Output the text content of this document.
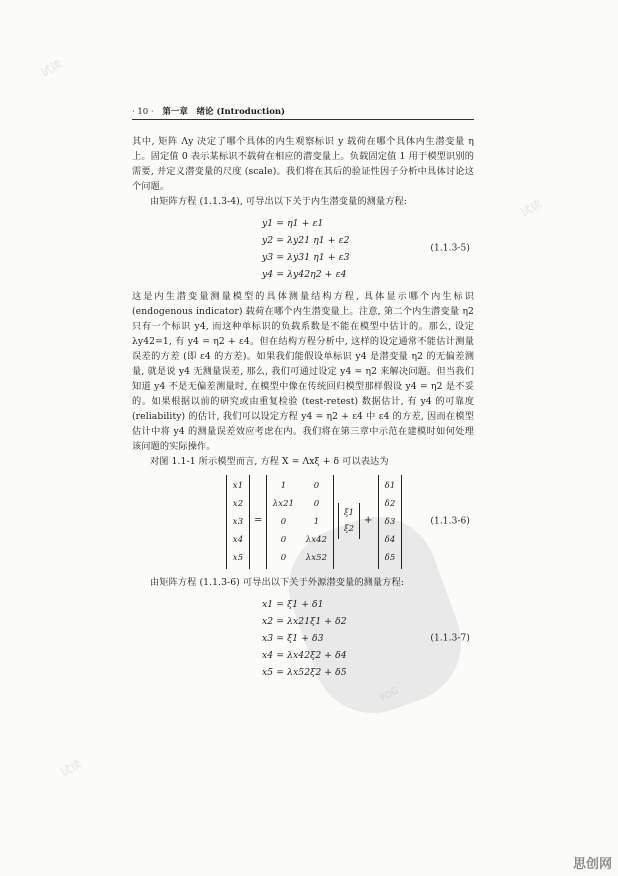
· 10 · 第一章 绪论 (Introduction)

其中, 矩阵 Λy 决定了哪个具体的内生观察标识 y 载荷在哪个具体内生潜变量 η 上。固定值 0 表示某标识不载荷在相应的潜变量上。负载固定值 1 用于模型识别的需要, 并定义潜变量的尺度 (scale)。我们将在其后的验证性因子分析中具体讨论这个问题。

由矩阵方程 (1.1.3-4), 可导出以下关于内生潜变量的测量方程:

y1 = η1 + ε1
y2 = λy21 η1 + ε2
y3 = λy31 η1 + ε3
y4 = λy42η2 + ε4
(1.1.3-5)

这是内生潜变量测量模型的具体测量结构方程, 具体显示哪个内生标识 (endogenous indicator) 载荷在哪个内生潜变量上。注意, 第二个内生潜变量 η2 只有一个标识 y4, 而这种单标识的负载系数是不能在模型中估计的。那么, 设定 λy42=1, 有 y4 = η2 + ε4。但在结构方程分析中, 这样的设定通常不能估计测量误差的方差 (即 ε4 的方差)。如果我们能假设单标识 y4 是潜变量 η2 的无偏差测量, 就是说 y4 无测量误差, 那么, 我们可通过设定 y4 = η2 来解决问题。但当我们知道 y4 不是无偏差测量时, 在模型中像在传统回归模型那样假设 y4 = η2 是不妥的。如果根据以前的研究或由重复检验 (test-retest) 数据估计, 有 y4 的可靠度 (reliability) 的估计, 我们可以设定方程 y4 = η2 + ε4 中 ε4 的方差, 因而在模型估计中将 y4 的测量误差效应考虑在内。我们将在第三章中示范在建模时如何处理该问题的实际操作。

对图 1.1-1 所示模型而言, 方程 X = Λxξ + δ 可以表达为

x1
x2
x3
x4
x5
=
1
λx21
0
0
0
0
0
1
λx42
λx52
ξ1
ξ2
+
δ1
δ2
δ3
δ4
δ5
(1.1.3-6)

由矩阵方程 (1.1.3-6) 可导出以下关于外源潜变量的测量方程:

x1 = ξ1 + δ1
x2 = λx21ξ1 + δ2
x3 = ξ1 + δ3
x4 = λx42ξ2 + δ4
x5 = λx52ξ2 + δ5
(1.1.3-7)
试读
试读
试读
PDG
思创网
